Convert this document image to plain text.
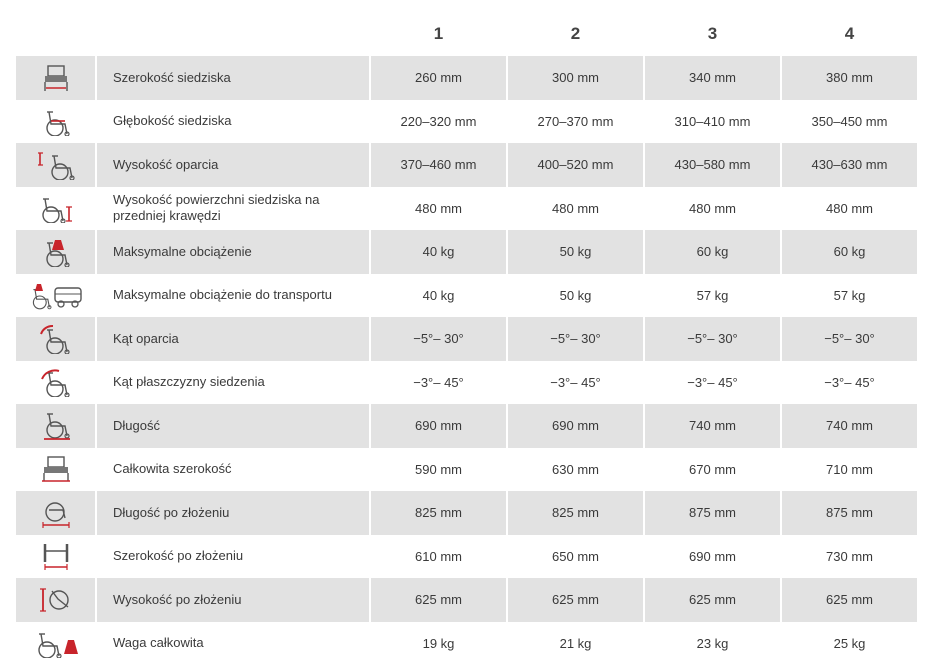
1	2	3	4
Szerokość siedziska	260 mm	300 mm	340 mm	380 mm
Głębokość siedziska	220–320 mm	270–370 mm	310–410 mm	350–450 mm
Wysokość oparcia	370–460 mm	400–520 mm	430–580 mm	430–630 mm
Wysokość powierzchni siedziska na przedniej krawędzi	480 mm	480 mm	480 mm	480 mm
Maksymalne obciążenie	40 kg	50 kg	60 kg	60 kg
Maksymalne obciążenie do transportu	40 kg	50 kg	57 kg	57 kg
Kąt oparcia	−5°– 30°	−5°– 30°	−5°– 30°	−5°– 30°
Kąt płaszczyzny siedzenia	−3°– 45°	−3°– 45°	−3°– 45°	−3°– 45°
Długość	690 mm	690 mm	740 mm	740 mm
Całkowita szerokość	590 mm	630 mm	670 mm	710 mm
Długość po złożeniu	825 mm	825 mm	875 mm	875 mm
Szerokość po złożeniu	610 mm	650 mm	690 mm	730 mm
Wysokość po złożeniu	625 mm	625 mm	625 mm	625 mm
Waga całkowita	19 kg	21 kg	23 kg	25 kg
